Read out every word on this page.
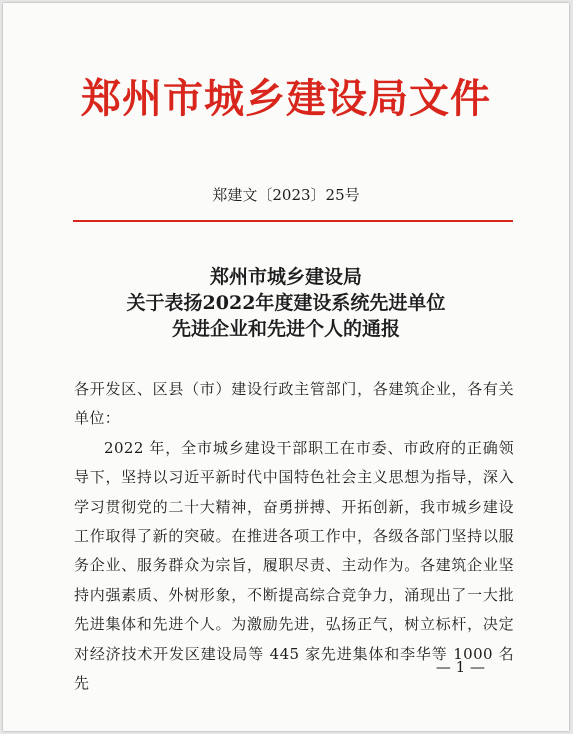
郑州市城乡建设局文件
郑建文〔2023〕25号
郑州市城乡建设局
关于表扬2022年度建设系统先进单位
先进企业和先进个人的通报

各开发区、区县（市）建设行政主管部门，各建筑企业，各有关单位：

2022 年，全市城乡建设干部职工在市委、市政府的正确领导下，坚持以习近平新时代中国特色社会主义思想为指导，深入学习贯彻党的二十大精神，奋勇拼搏、开拓创新，我市城乡建设工作取得了新的突破。在推进各项工作中，各级各部门坚持以服务企业、服务群众为宗旨，履职尽责、主动作为。各建筑企业坚持内强素质、外树形象，不断提高综合竞争力，涌现出了一大批先进集体和先进个人。为激励先进，弘扬正气，树立标杆，决定对经济技术开发区建设局等 445 家先进集体和李华等 1000 名先

— 1 —
